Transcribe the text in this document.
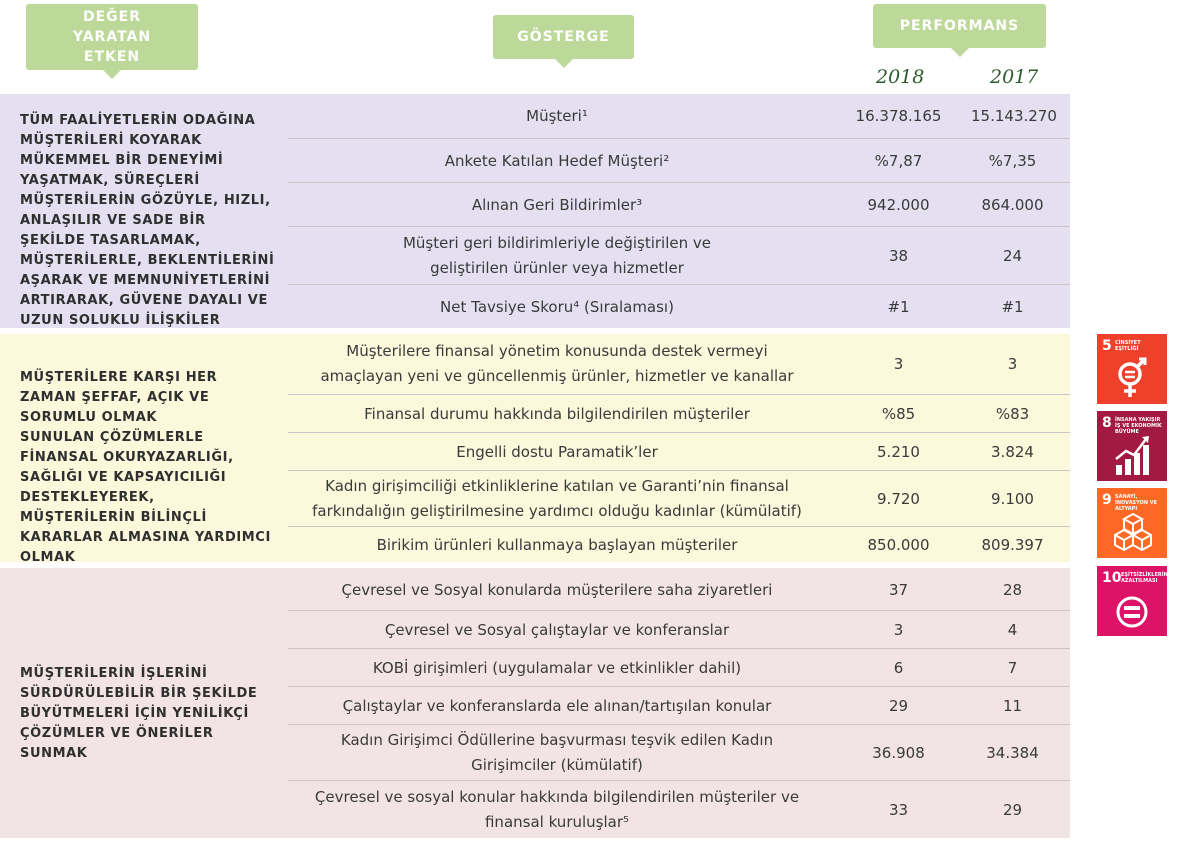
DEĞER YARATAN ETKEN
GÖSTERGE
PERFORMANS
2018	2017
TÜM FAALİYETLERİN ODAĞINA MÜŞTERİLERİ KOYARAK MÜKEMMEL BİR DENEYİMİ YAŞATMAK, SÜREÇLERİ MÜŞTERİLERİN GÖZÜYLE, HIZLI, ANLAŞILIR VE SADE BİR ŞEKİLDE TASARLAMAK, MÜŞTERİLERLE, BEKLENTİLERİNİ AŞARAK VE MEMNUNİYETLERİNİ ARTIRARAK, GÜVENE DAYALI VE UZUN SOLUKLU İLİŞKİLER
Müşteri¹	16.378.165	15.143.270
Ankete Katılan Hedef Müşteri²	%7,87	%7,35
Alınan Geri Bildirimler³	942.000	864.000
Müşteri geri bildirimleriyle değiştirilen ve geliştirilen ürünler veya hizmetler
38	24
Net Tavsiye Skoru⁴ (Sıralaması)	#1	#1
MÜŞTERİLERE KARŞI HER ZAMAN ŞEFFAF, AÇIK VE SORUMLU OLMAK
SUNULAN ÇÖZÜMLERLE FİNANSAL OKURYAZARLIĞI, SAĞLIĞI VE KAPSAYICILIĞI DESTEKLEYEREK, MÜŞTERİLERİN BİLİNÇLİ KARARLAR ALMASINA YARDIMCI OLMAK
Müşterilere finansal yönetim konusunda destek vermeyi amaçlayan yeni ve güncellenmiş ürünler, hizmetler ve kanallar
3	3
Finansal durumu hakkında bilgilendirilen müşteriler	%85	%83
Engelli dostu Paramatik’ler	5.210	3.824
Kadın girişimciliği etkinliklerine katılan ve Garanti’nin finansal farkındalığın geliştirilmesine yardımcı olduğu kadınlar (kümülatif)
9.720	9.100
Birikim ürünleri kullanmaya başlayan müşteriler	850.000	809.397
MÜŞTERİLERİN İŞLERİNİ SÜRDÜRÜLEBİLİR BİR ŞEKİLDE BÜYÜTMELERİ İÇİN YENİLİKÇİ ÇÖZÜMLER VE ÖNERİLER SUNMAK
Çevresel ve Sosyal konularda müşterilere saha ziyaretleri	37	28
Çevresel ve Sosyal çalıştaylar ve konferanslar	3	4
KOBİ girişimleri (uygulamalar ve etkinlikler dahil)	6	7
Çalıştaylar ve konferanslarda ele alınan/tartışılan konular	29	11
Kadın Girişimci Ödüllerine başvurması teşvik edilen Kadın Girişimciler (kümülatif)
36.908	34.384
Çevresel ve sosyal konular hakkında bilgilendirilen müşteriler ve finansal kuruluşlar⁵
33	29
5 CİNSİYET EŞİTLİĞİ
8 İNSANA YAKIŞIR İŞ VE EKONOMİK BÜYÜME
9 SANAYİ, İNOVASYON VE ALTYAPI
10 EŞİTSİZLİKLERİN AZALTILMASI
